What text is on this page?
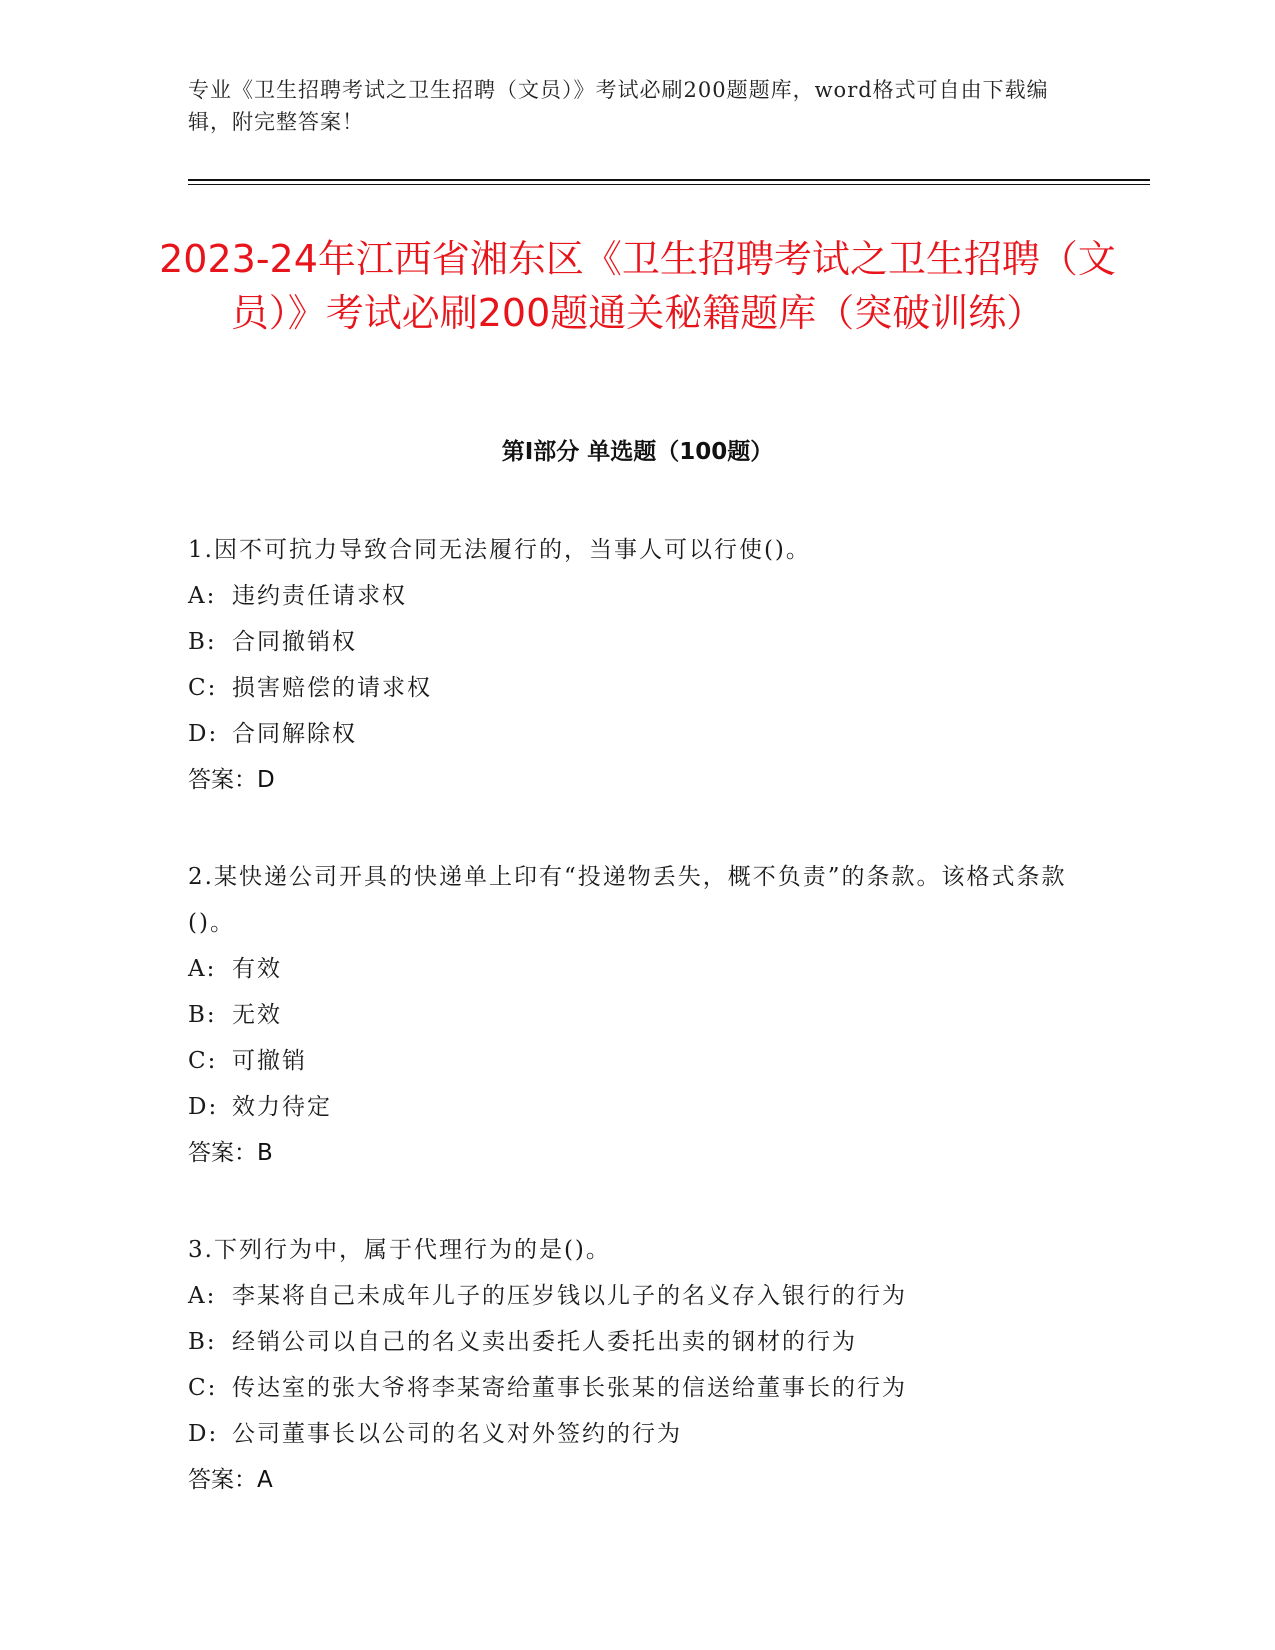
专业《卫生招聘考试之卫生招聘（文员）》考试必刷200题题库，word格式可自由下载编辑，附完整答案！
2023-24年江西省湘东区《卫生招聘考试之卫生招聘（文员）》考试必刷200题通关秘籍题库（突破训练）
第Ⅰ部分 单选题（100题）
1.因不可抗力导致合同无法履行的，当事人可以行使()。
A: 违约责任请求权
B: 合同撤销权
C: 损害赔偿的请求权
D: 合同解除权
答案：D
2.某快递公司开具的快递单上印有“投递物丢失，概不负责”的条款。该格式条款()。
A: 有效
B: 无效
C: 可撤销
D: 效力待定
答案：B
3.下列行为中，属于代理行为的是()。
A: 李某将自己未成年儿子的压岁钱以儿子的名义存入银行的行为
B: 经销公司以自己的名义卖出委托人委托出卖的钢材的行为
C: 传达室的张大爷将李某寄给董事长张某的信送给董事长的行为
D: 公司董事长以公司的名义对外签约的行为
答案：A
